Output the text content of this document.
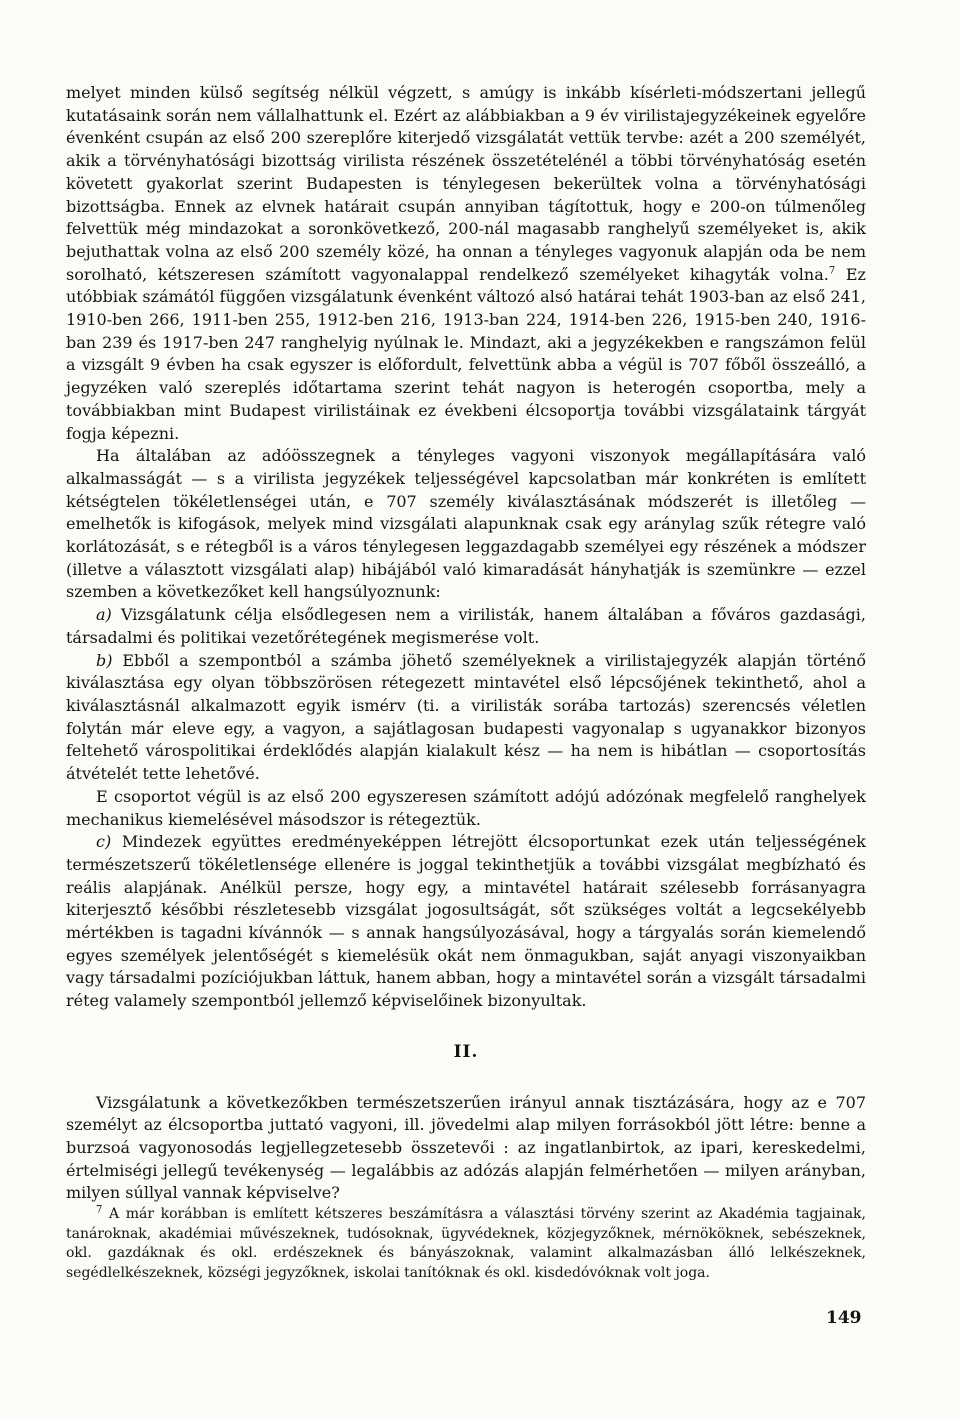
melyet minden külső segítség nélkül végzett, s amúgy is inkább kísérleti-módszertani jellegű kutatásaink során nem vállalhattunk el. Ezért az alábbiakban a 9 év virilistajegyzékeinek egyelőre évenként csupán az első 200 szereplőre kiterjedő vizsgálatát vettük tervbe: azét a 200 személyét, akik a törvényhatósági bizottság virilista részének összetételénél a többi törvényhatóság esetén követett gyakorlat szerint Budapesten is ténylegesen bekerültek volna a törvényhatósági bizottságba. Ennek az elvnek határait csupán annyiban tágítottuk, hogy e 200-on túlmenőleg felvettük még mindazokat a soronkövetkező, 200-nál magasabb ranghelyű személyeket is, akik bejuthattak volna az első 200 személy közé, ha onnan a tényleges vagyonuk alapján oda be nem sorolható, kétszeresen számított vagyonalappal rendelkező személyeket kihagyták volna.$^7$ Ez utóbbiak számától függően vizsgálatunk évenként változó alsó határai tehát 1903-ban az első 241, 1910-ben 266, 1911-ben 255, 1912-ben 216, 1913-ban 224, 1914-ben 226, 1915-ben 240, 1916-ban 239 és 1917-ben 247 ranghelyig nyúlnak le. Mindazt, aki a jegyzékekben e rangszámon felül a vizsgált 9 évben ha csak egyszer is előfordult, felvettünk abba a végül is 707 főből összeálló, a jegyzéken való szereplés időtartama szerint tehát nagyon is heterogén csoportba, mely a továbbiakban mint Budapest virilistáinak ez évekbeni élcsoportja további vizsgálataink tárgyát fogja képezni.

Ha általában az adóösszegnek a tényleges vagyoni viszonyok megállapítására való alkalmasságát — s a virilista jegyzékek teljességével kapcsolatban már konkréten is említett kétségtelen tökéletlenségei után, e 707 személy kiválasztásának módszerét is illetőleg — emelhetők is kifogások, melyek mind vizsgálati alapunknak csak egy aránylag szűk rétegre való korlátozását, s e rétegből is a város ténylegesen leggazdagabb személyei egy részének a módszer (illetve a választott vizsgálati alap) hibájából való kimaradását hányhatják is szemünkre — ezzel szemben a következőket kell hangsúlyoznunk:

a) Vizsgálatunk célja elsődlegesen nem a virilisták, hanem általában a főváros gazdasági, társadalmi és politikai vezetőrétegének megismerése volt.

b) Ebből a szempontból a számba jöhető személyeknek a virilistajegyzék alapján történő kiválasztása egy olyan többszörösen rétegezett mintavétel első lépcsőjének tekinthető, ahol a kiválasztásnál alkalmazott egyik ismérv (ti. a virilisták sorába tartozás) szerencsés véletlen folytán már eleve egy, a vagyon, a sajátlagosan budapesti vagyonalap s ugyanakkor bizonyos feltehető várospolitikai érdeklődés alapján kialakult kész — ha nem is hibátlan — csoportosítás átvételét tette lehetővé.

E csoportot végül is az első 200 egyszeresen számított adójú adózónak megfelelő ranghelyek mechanikus kiemelésével másodszor is rétegeztük.

c) Mindezek együttes eredményeképpen létrejött élcsoportunkat ezek után teljességének természetszerű tökéletlensége ellenére is joggal tekinthetjük a további vizsgálat megbízható és reális alapjának. Anélkül persze, hogy egy, a mintavétel határait szélesebb forrásanyagra kiterjesztő későbbi részletesebb vizsgálat jogosultságát, sőt szükséges voltát a legcsekélyebb mértékben is tagadni kívánnók — s annak hangsúlyozásával, hogy a tárgyalás során kiemelendő egyes személyek jelentőségét s kiemelésük okát nem önmagukban, saját anyagi viszonyaikban vagy társadalmi pozíciójukban láttuk, hanem abban, hogy a mintavétel során a vizsgált társadalmi réteg valamely szempontból jellemző képviselőinek bizonyultak.

II.

Vizsgálatunk a következőkben természetszerűen irányul annak tisztázására, hogy az e 707 személyt az élcsoportba juttató vagyoni, ill. jövedelmi alap milyen forrásokból jött létre: benne a burzsoá vagyonosodás legjellegzetesebb összetevői : az ingatlanbirtok, az ipari, kereskedelmi, értelmiségi jellegű tevékenység — legalábbis az adózás alapján felmérhetően — milyen arányban, milyen súllyal vannak képviselve?

$^7$ A már korábban is említett kétszeres beszámításra a választási törvény szerint az Akadémia tagjainak, tanároknak, akadémiai művészeknek, tudósoknak, ügyvédeknek, közjegyzőknek, mérnököknek, sebészeknek, okl. gazdáknak és okl. erdészeknek és bányászoknak, valamint alkalmazásban álló lelkészeknek, segédlelkészeknek, községi jegyzőknek, iskolai tanítóknak és okl. kisdedóvóknak volt joga.

149
